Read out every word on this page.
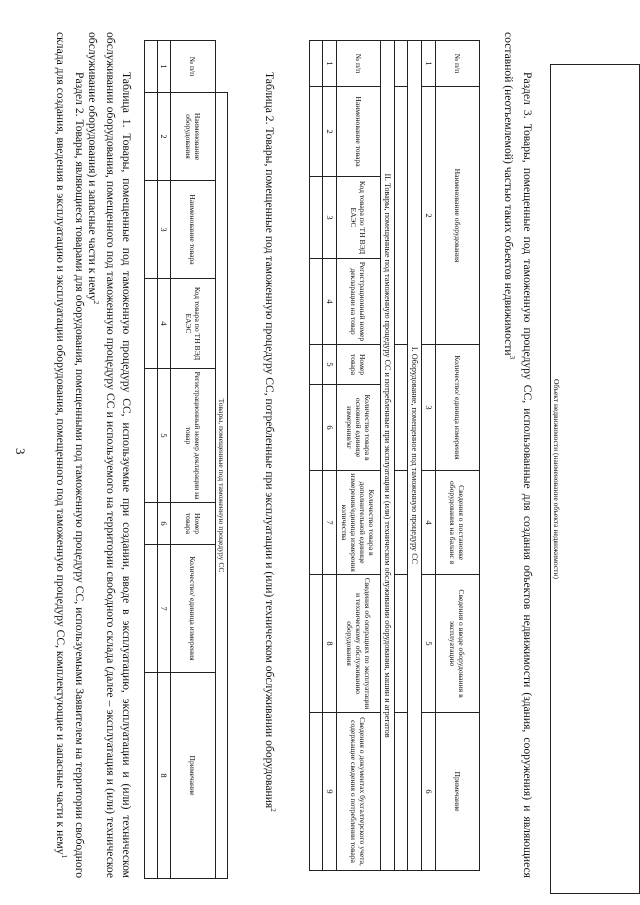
3	Раздел 2. Товары, являющиеся товарами для оборудования, помещенными под таможенную процедуру СС, используемыми Заявителем на территории свободного склада для создания, введения в эксплуатацию и эксплуатации оборудования, помещенного под таможенную процедуру СС, комплектующие и запасные части к нему$^1$	Таблица 1. Товары, помещенные под таможенную процедуру СС, используемые при создании, вводе в эксплуатацию, эксплуатации и (или) техническом обслуживании оборудования, помещенного под таможенную процедуру СС и используемого на территории свободного склада (далее – эксплуатация и (или) техническое обслуживание оборудования) и запасные части к нему$^2$
	Товары, помещенные под таможенную процедуру СС						
№ п/п	Наименование оборудования	Наименование товара	Код товара по ТН ВЭД ЕАЭС	Регистрационный номер декларации на товар	Номер товара	Количество/ единица измерения	Примечание
1	2	3	4	5	6	7	8
								Таблица 2. Товары, помещенные под таможенную процедуру СС, потребленные при эксплуатации и (или) техническом обслуживании оборудования$^2$
№ п/п	Наименование оборудования			Количество/ единица измерения		Сведения о постановке оборудования на баланс я	Сведения о вводе оборудования в эксплуатацию	Примечание
1	2			3		4	5	6
I. Оборудование, помещенное под таможенную процедуру СС								

II. Товары, помещенные под таможенную процедуру СС и потребленные при эксплуатации и (или) техническом обслуживании оборудования, машин и агрегатов								
№ п/п	Наименование товара	Код товара по ТН ВЭД ЕАЭС	Регистрационный номер декларации на товар	Номер товара	Количество товара в основной единице измерения/кг	Количество товара в дополнительной единице измерения/единица измерения количества	Сведения об операциях по эксплуатации и техническому обслуживанию оборудования	Сведения о документах бухгалтерского учета, содержащие сведения о потреблении товара
1	2	3	4	5	6	7	8	9
									Раздел 3. Товары, помещенные под таможенную процедуру СС, использованные для создания объектов недвижимости (здания, сооружения) и являющиеся составной (неотъемлемой) частью таких объектов недвижимости$^3$
Объект недвижимости (наименование объекта недвижимости)
